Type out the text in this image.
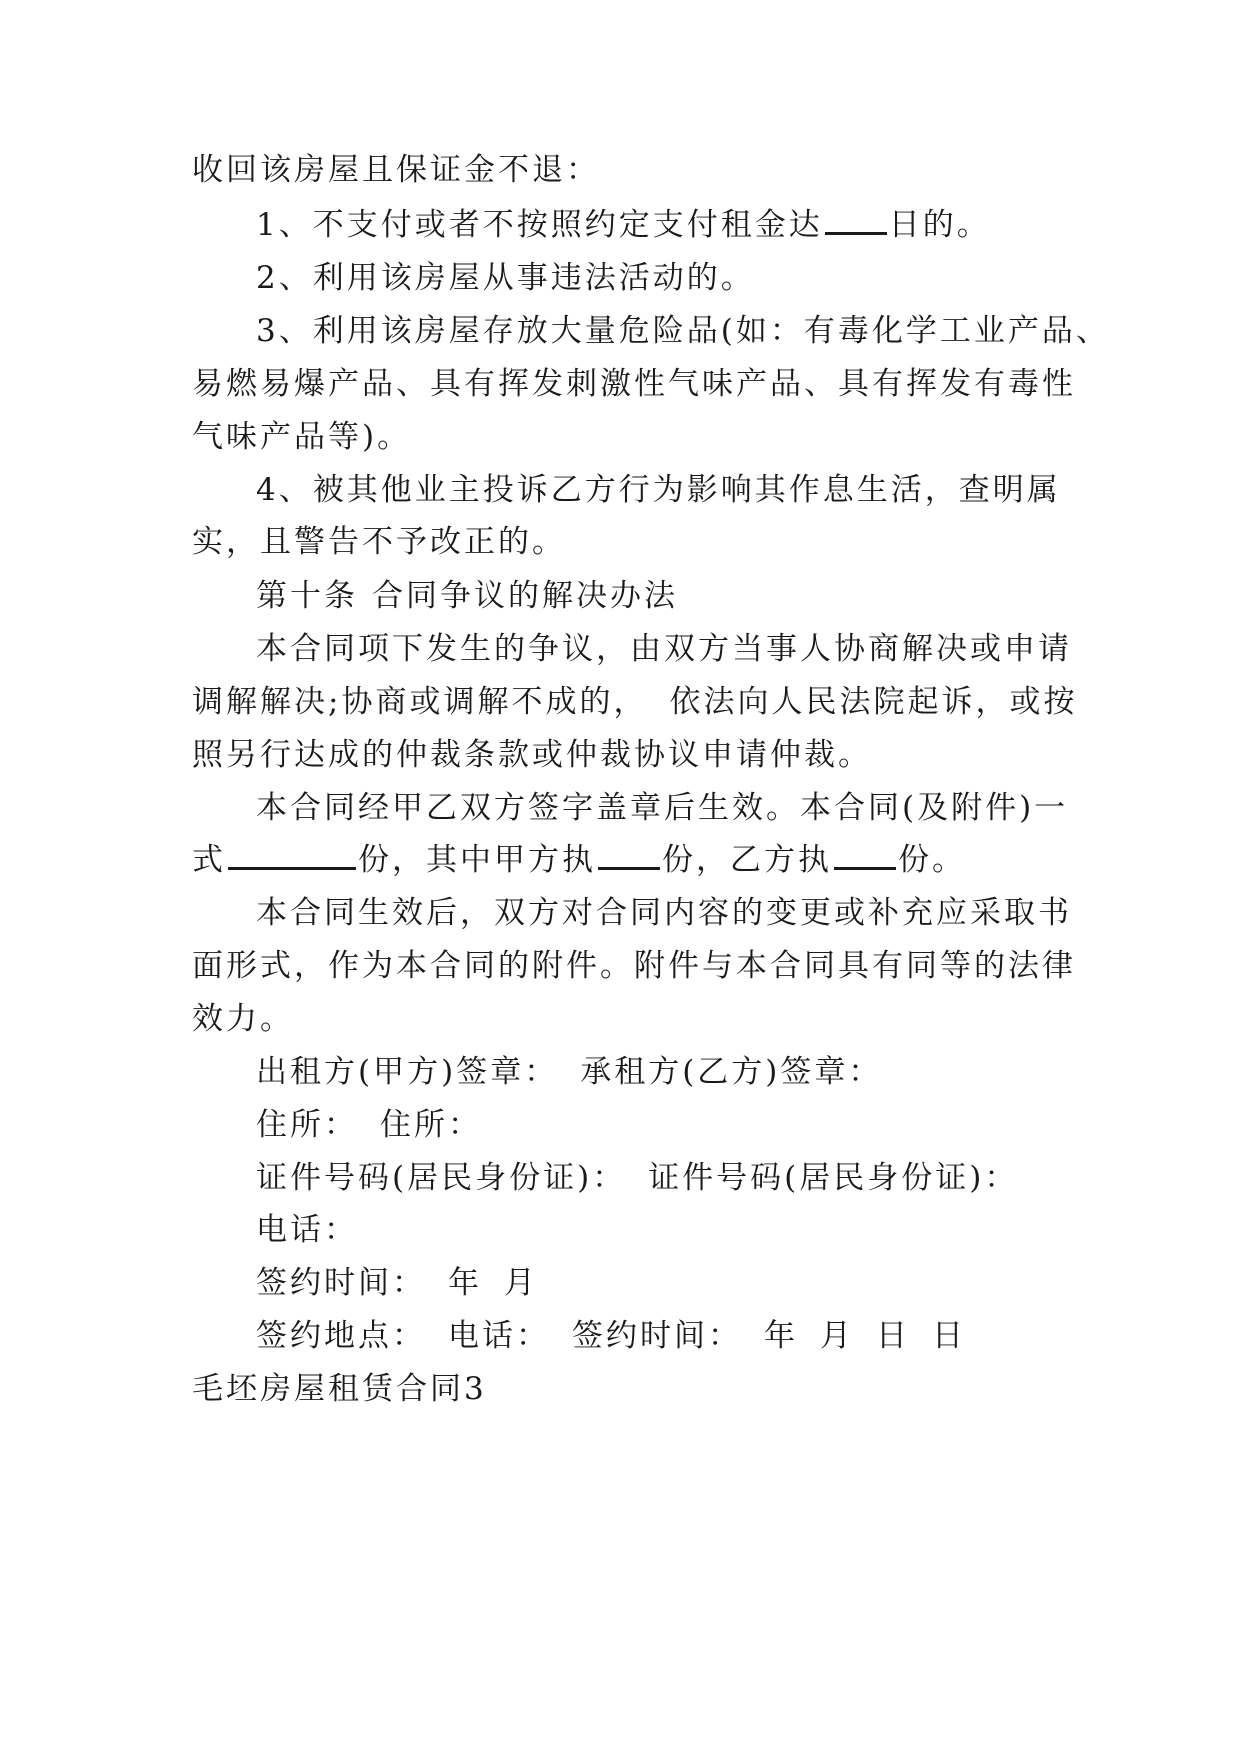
收回该房屋且保证金不退：
1、不支付或者不按照约定支付租金达 日的。
2、利用该房屋从事违法活动的。
3、利用该房屋存放大量危险品(如：有毒化学工业产品、
易燃易爆产品、具有挥发刺激性气味产品、具有挥发有毒性
气味产品等)。
4、被其他业主投诉乙方行为影响其作息生活，查明属
实，且警告不予改正的。
第十条 合同争议的解决办法
本合同项下发生的争议，由双方当事人协商解决或申请
调解解决;协商或调解不成的， 依法向人民法院起诉，或按
照另行达成的仲裁条款或仲裁协议申请仲裁。
本合同经甲乙双方签字盖章后生效。本合同(及附件)一
式	份，其中甲方执 份，乙方执 份。
本合同生效后，双方对合同内容的变更或补充应采取书
面形式，作为本合同的附件。附件与本合同具有同等的法律
效力。
出租方(甲方)签章： 承租方(乙方)签章：
住所： 住所：
证件号码(居民身份证)： 证件号码(居民身份证)：
电话：
签约时间： 年 月
签约地点： 电话： 签约时间： 年 月 日 日
毛坯房屋租赁合同3
